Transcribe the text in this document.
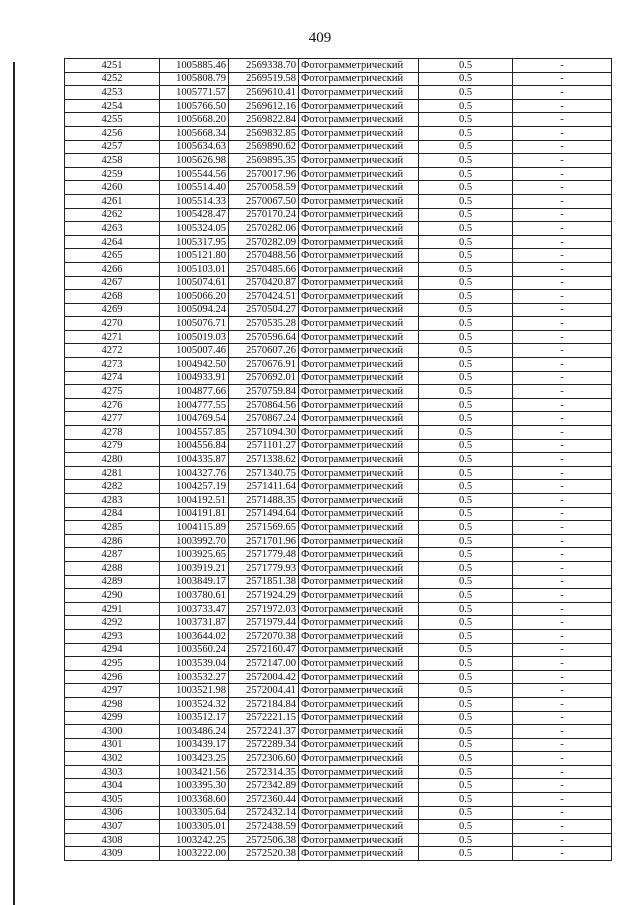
409
4251	1005885.46	2569338.70	Фотограмметрический	0.5	-
4252	1005808.79	2569519.58	Фотограмметрический	0.5	-
4253	1005771.57	2569610.41	Фотограмметрический	0.5	-
4254	1005766.50	2569612.16	Фотограмметрический	0.5	-
4255	1005668.20	2569822.84	Фотограмметрический	0.5	-
4256	1005668.34	2569832.85	Фотограмметрический	0.5	-
4257	1005634.63	2569890.62	Фотограмметрический	0.5	-
4258	1005626.98	2569895.35	Фотограмметрический	0.5	-
4259	1005544.56	2570017.96	Фотограмметрический	0.5	-
4260	1005514.40	2570058.59	Фотограмметрический	0.5	-
4261	1005514.33	2570067.50	Фотограмметрический	0.5	-
4262	1005428.47	2570170.24	Фотограмметрический	0.5	-
4263	1005324.05	2570282.06	Фотограмметрический	0.5	-
4264	1005317.95	2570282.09	Фотограмметрический	0.5	-
4265	1005121.80	2570488.56	Фотограмметрический	0.5	-
4266	1005103.01	2570485.66	Фотограмметрический	0.5	-
4267	1005074.61	2570420.87	Фотограмметрический	0.5	-
4268	1005066.20	2570424.51	Фотограмметрический	0.5	-
4269	1005094.24	2570504.27	Фотограмметрический	0.5	-
4270	1005076.71	2570535.28	Фотограмметрический	0.5	-
4271	1005019.03	2570596.64	Фотограмметрический	0.5	-
4272	1005007.46	2570607.26	Фотограмметрический	0.5	-
4273	1004942.50	2570676.91	Фотограмметрический	0.5	-
4274	1004933.91	2570692.01	Фотограмметрический	0.5	-
4275	1004877.66	2570759.84	Фотограмметрический	0.5	-
4276	1004777.55	2570864.56	Фотограмметрический	0.5	-
4277	1004769.54	2570867.24	Фотограмметрический	0.5	-
4278	1004557.85	2571094.30	Фотограмметрический	0.5	-
4279	1004556.84	2571101.27	Фотограмметрический	0.5	-
4280	1004335.87	2571338.62	Фотограмметрический	0.5	-
4281	1004327.76	2571340.75	Фотограмметрический	0.5	-
4282	1004257.19	2571411.64	Фотограмметрический	0.5	-
4283	1004192.51	2571488.35	Фотограмметрический	0.5	-
4284	1004191.81	2571494.64	Фотограмметрический	0.5	-
4285	1004115.89	2571569.65	Фотограмметрический	0.5	-
4286	1003992.70	2571701.96	Фотограмметрический	0.5	-
4287	1003925.65	2571779.48	Фотограмметрический	0.5	-
4288	1003919.21	2571779.93	Фотограмметрический	0.5	-
4289	1003849.17	2571851.38	Фотограмметрический	0.5	-
4290	1003780.61	2571924.29	Фотограмметрический	0.5	-
4291	1003733.47	2571972.03	Фотограмметрический	0.5	-
4292	1003731.87	2571979.44	Фотограмметрический	0.5	-
4293	1003644.02	2572070.38	Фотограмметрический	0.5	-
4294	1003560.24	2572160.47	Фотограмметрический	0.5	-
4295	1003539.04	2572147.00	Фотограмметрический	0.5	-
4296	1003532.27	2572004.42	Фотограмметрический	0.5	-
4297	1003521.98	2572004.41	Фотограмметрический	0.5	-
4298	1003524.32	2572184.84	Фотограмметрический	0.5	-
4299	1003512.17	2572221.15	Фотограмметрический	0.5	-
4300	1003486.24	2572241.37	Фотограмметрический	0.5	-
4301	1003439.17	2572289.34	Фотограмметрический	0.5	-
4302	1003423.25	2572306.60	Фотограмметрический	0.5	-
4303	1003421.56	2572314.35	Фотограмметрический	0.5	-
4304	1003395.30	2572342.89	Фотограмметрический	0.5	-
4305	1003368.60	2572360.44	Фотограмметрический	0.5	-
4306	1003305.64	2572432.14	Фотограмметрический	0.5	-
4307	1003305.01	2572438.59	Фотограмметрический	0.5	-
4308	1003242.25	2572506.38	Фотограмметрический	0.5	-
4309	1003222.00	2572520.38	Фотограмметрический	0.5	-
